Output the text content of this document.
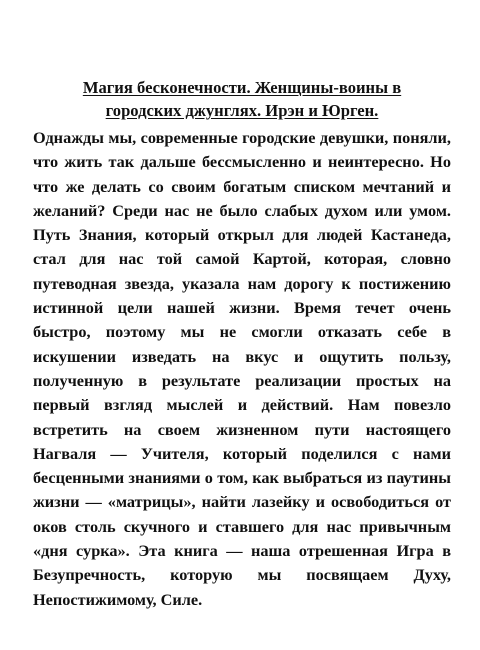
Магия бесконечности. Женщины-воины в
городских джунглях. Ирэн и Юрген.

Однажды мы, современные городские девушки, поняли, что жить так дальше бессмысленно и неинтересно. Но что же делать со своим богатым списком мечтаний и желаний? Среди нас не было слабых духом или умом. Путь Знания, который открыл для людей Кастанеда, стал для нас той самой Картой, которая, словно путеводная звезда, указала нам дорогу к постижению истинной цели нашей жизни. Время течет очень быстро, поэтому мы не смогли отказать себе в искушении изведать на вкус и ощутить пользу, полученную в результате реализации простых на первый взгляд мыслей и действий. Нам повезло встретить на своем жизненном пути настоящего Нагваля — Учителя, который поделился с нами бесценными знаниями о том, как выбраться из паутины жизни — «матрицы», найти лазейку и освободиться от оков столь скучного и ставшего для нас привычным «дня сурка». Эта книга — наша отрешенная Игра в Безупречность, которую мы посвящаем Духу, Непостижимому, Силе.
